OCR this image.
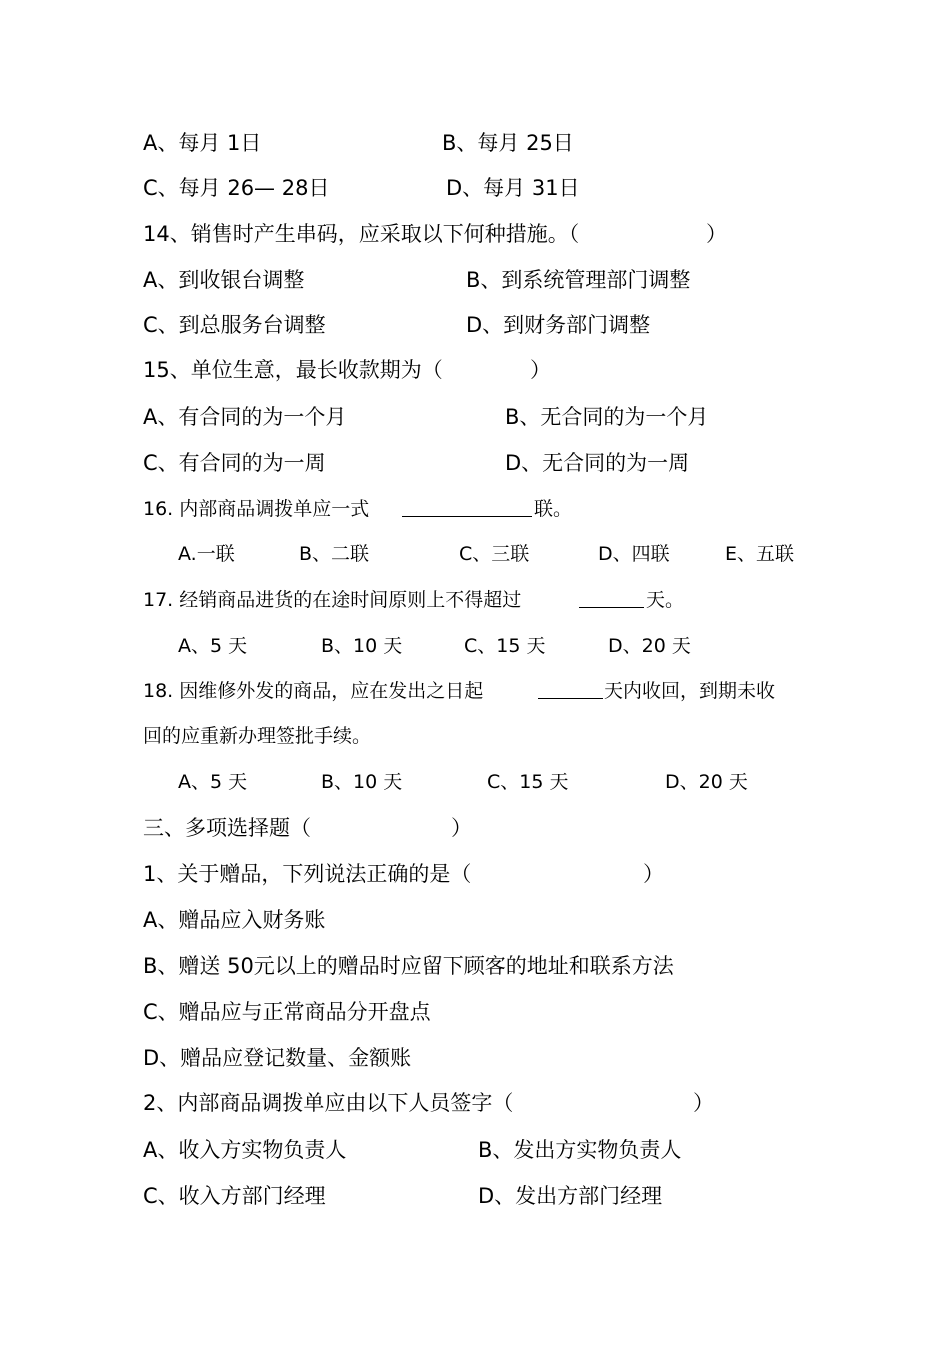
A、每月 1日	B、每月 25日
C、每月 26— 28日	D、每月 31日
14、销售时产生串码，应采取以下何种措施。（	）
A、到收银台调整	B、到系统管理部门调整
C、到总服务台调整	D、到财务部门调整
15、单位生意，最长收款期为（	）
A、有合同的为一个月	B、无合同的为一个月
C、有合同的为一周	D、无合同的为一周
16. 内部商品调拨单应一式	联。
A.一联	B、二联	C、三联	D、四联	E、五联
17. 经销商品进货的在途时间原则上不得超过	天。
A、5 天	B、10 天	C、15 天	D、20 天
18. 因维修外发的商品，应在发出之日起	天内收回，到期未收
回的应重新办理签批手续。
A、5 天	B、10 天	C、15 天	D、20 天
三、多项选择题（	）
1、关于赠品，下列说法正确的是（	）
A、赠品应入财务账
B、赠送 50元以上的赠品时应留下顾客的地址和联系方法
C、赠品应与正常商品分开盘点
D、赠品应登记数量、金额账
2、内部商品调拨单应由以下人员签字（	）
A、收入方实物负责人	B、发出方实物负责人
C、收入方部门经理	D、发出方部门经理
